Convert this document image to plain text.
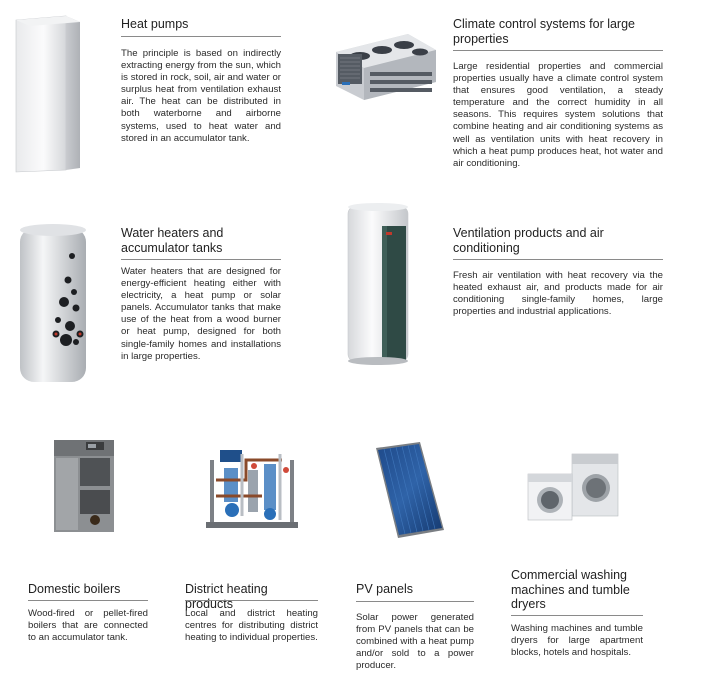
Heat pumps

The principle is based on indirectly extracting energy from the sun, which is stored in rock, soil, air and water or surplus heat from ventilation exhaust air. The heat can be distributed in both waterborne and airborne systems, used to heat water and stored in an accumulator tank.

Climate control systems for large properties

Large residential properties and commercial properties usually have a climate control system that ensures good ventilation, a steady temperature and the correct humidity in all seasons. This requires system solutions that combine heating and air conditioning systems as well as ventilation units with heat recovery in which a heat pump produces heat, hot water and air conditioning.

Water heaters and accumulator tanks

Water heaters that are designed for energy-efficient heating either with electricity, a heat pump or solar panels. Accumulator tanks that make use of the heat from a wood burner or heat pump, designed for both single-family homes and installations in large properties.

Ventilation products and air conditioning

Fresh air ventilation with heat recovery via the heated exhaust air, and products made for air conditioning single-family homes, large properties and industrial applications.

Domestic boilers

Wood-fired or pellet-fired boilers that are connected to an accumulator tank.

District heating products

Local and district heating centres for distributing district heating to individual properties.

PV panels

Solar power generated from PV panels that can be combined with a heat pump and/or sold to a power producer.

Commercial washing machines and tumble dryers

Washing machines and tumble dryers for large apartment blocks, hotels and hospitals.
